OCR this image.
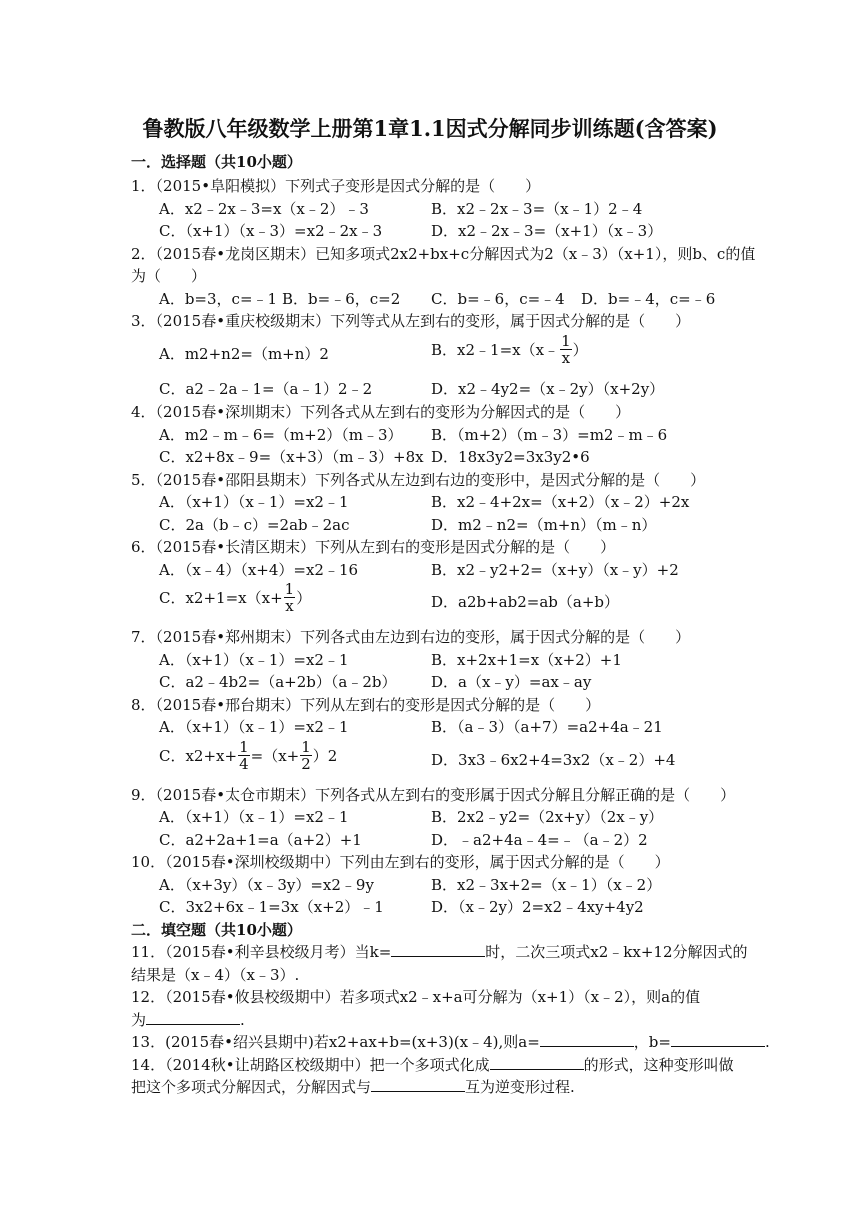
鲁教版八年级数学上册第1章1.1因式分解同步训练题(含答案)
一．选择题（共10小题）
1．（2015•阜阳模拟）下列式子变形是因式分解的是（　　）
A．x2﹣2x﹣3=x（x﹣2）﹣3	B．x2﹣2x﹣3=（x﹣1）2﹣4
C．（x+1）（x﹣3）=x2﹣2x﹣3	D．x2﹣2x﹣3=（x+1）（x﹣3）
2．（2015春•龙岗区期末）已知多项式2x2+bx+c分解因式为2（x﹣3）（x+1），则b、c的值
为（　　）
A．b=3，c=﹣1 B．b=﹣6，c=2 C．b=﹣6，c=﹣4 D．b=﹣4，c=﹣6
3．（2015春•重庆校级期末）下列等式从左到右的变形，属于因式分解的是（　　）
A．m2+n2=（m+n）2	B．x2﹣1=x（x﹣ $\frac{1}{x}$ ）
C．a2﹣2a﹣1=（a﹣1）2﹣2	D．x2﹣4y2=（x﹣2y）（x+2y）
4．（2015春•深圳期末）下列各式从左到右的变形为分解因式的是（　　）
A．m2﹣m﹣6=（m+2）（m﹣3） B．（m+2）（m﹣3）=m2﹣m﹣6
C．x2+8x﹣9=（x+3）（m﹣3）+8x D．18x3y2=3x3y2•6
5．（2015春•邵阳县期末）下列各式从左边到右边的变形中，是因式分解的是（　　）
A．（x+1）（x﹣1）=x2﹣1	B．x2﹣4+2x=（x+2）（x﹣2）+2x
C．2a（b﹣c）=2ab﹣2ac	D．m2﹣n2=（m+n）（m﹣n）
6．（2015春•长清区期末）下列从左到右的变形是因式分解的是（　　）
A．（x﹣4）（x+4）=x2﹣16	B．x2﹣y2+2=（x+y）（x﹣y）+2
C．$x2+1=x(x+ \frac{1}{x}$ ）	D．a2b+ab2=ab（a+b）
7．（2015春•郑州期末）下列各式由左边到右边的变形，属于因式分解的是（　　）
A．（x+1）（x﹣1）=x2﹣1	B．x+2x+1=x（x+2）+1
C．a2﹣4b2=（a+2b）（a﹣2b） D．a（x﹣y）=ax﹣ay
8．（2015春•邢台期末）下列从左到右的变形是因式分解的是（　　）
A．（x+1）（x﹣1）=x2﹣1	B．（a﹣3）（a+7）=a2+4a﹣21
C．$x2+x+ \frac{1}{4} =(x+ \frac{1}{2} )2$	D．3x3﹣6x2+4=3x2（x﹣2）+4
9．（2015春•太仓市期末）下列各式从左到右的变形属于因式分解且分解正确的是（　　）
A．（x+1）（x﹣1）=x2﹣1	B．2x2﹣y2=（2x+y）（2x﹣y）
C．a2+2a+1=a（a+2）+1	D．﹣a2+4a﹣4=﹣（a﹣2）2
10．（2015春•深圳校级期中）下列由左到右的变形，属于因式分解的是（　　）
A．（x+3y）（x﹣3y）=x2﹣9y	B．x2﹣3x+2=（x﹣1）（x﹣2）
C．3x2+6x﹣1=3x（x+2）﹣1	D．（x﹣2y）2=x2﹣4xy+4y2
二．填空题（共10小题）
11．（2015春•利辛县校级月考）当k=	时，二次三项式x2﹣kx+12分解因式的
结果是（x﹣4）（x﹣3）.
12．（2015春•攸县校级期中）若多项式x2﹣x+a可分解为（x+1）（x﹣2），则a的值
为	.
13．(2015春•绍兴县期中)若x2+ax+b=(x+3)(x﹣4),则a=	，b=	.
14．（2014秋•让胡路区校级期中）把一个多项式化成	的形式，这种变形叫做
把这个多项式分解因式，分解因式与	互为逆变形过程.
